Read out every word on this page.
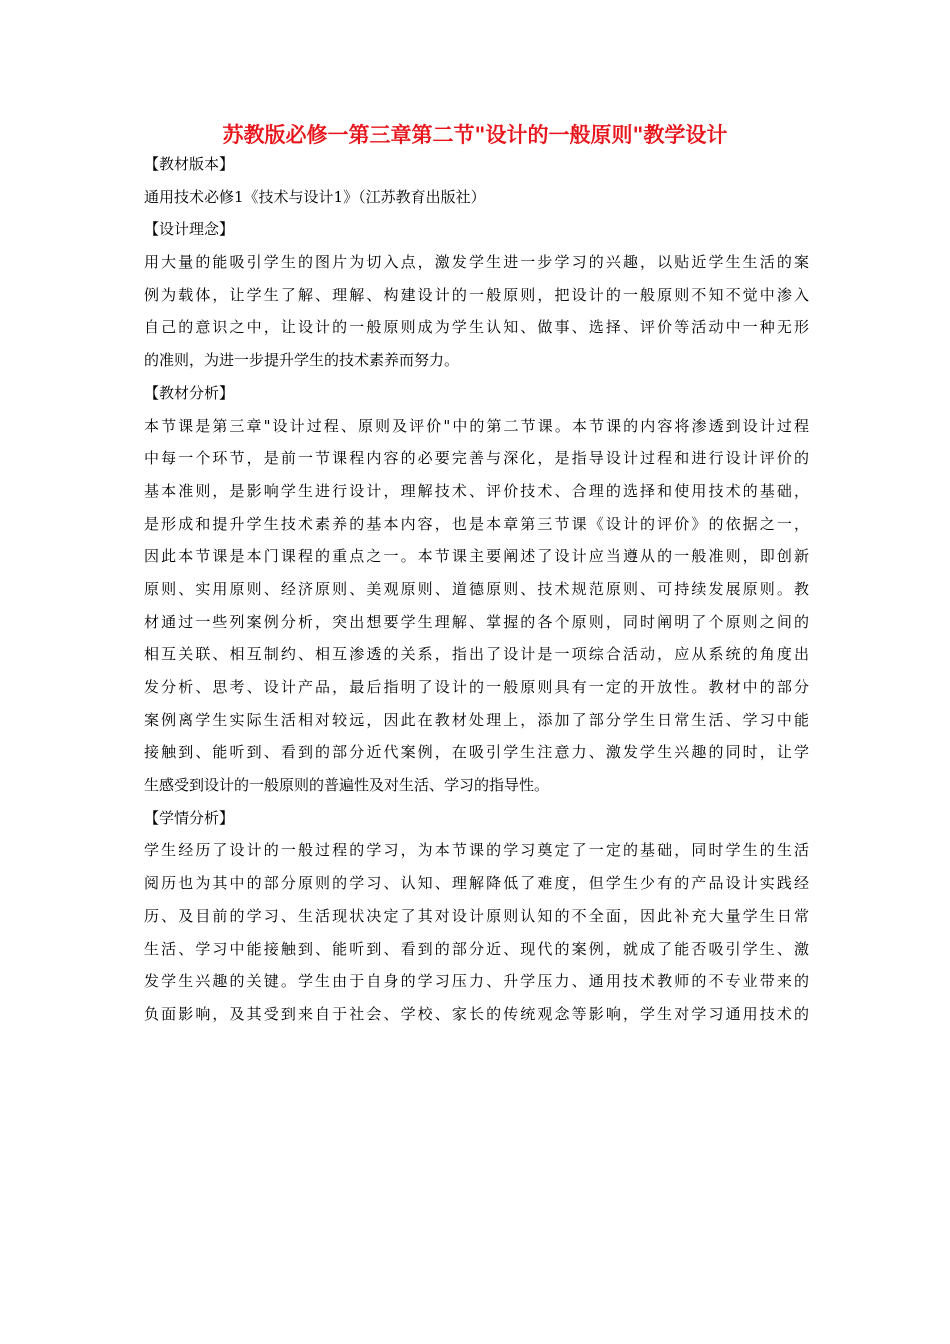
苏教版必修一第三章第二节"设计的一般原则"教学设计
【教材版本】
通用技术必修1《技术与设计1》（江苏教育出版社）
【设计理念】
用大量的能吸引学生的图片为切入点，激发学生进一步学习的兴趣，以贴近学生生活的案
例为载体，让学生了解、理解、构建设计的一般原则，把设计的一般原则不知不觉中渗入
自己的意识之中，让设计的一般原则成为学生认知、做事、选择、评价等活动中一种无形
的准则，为进一步提升学生的技术素养而努力。
【教材分析】
本节课是第三章"设计过程、原则及评价"中的第二节课。本节课的内容将渗透到设计过程
中每一个环节，是前一节课程内容的必要完善与深化，是指导设计过程和进行设计评价的
基本准则，是影响学生进行设计，理解技术、评价技术、合理的选择和使用技术的基础，
是形成和提升学生技术素养的基本内容，也是本章第三节课《设计的评价》的依据之一，
因此本节课是本门课程的重点之一。本节课主要阐述了设计应当遵从的一般准则，即创新
原则、实用原则、经济原则、美观原则、道德原则、技术规范原则、可持续发展原则。教
材通过一些列案例分析，突出想要学生理解、掌握的各个原则，同时阐明了个原则之间的
相互关联、相互制约、相互渗透的关系，指出了设计是一项综合活动，应从系统的角度出
发分析、思考、设计产品，最后指明了设计的一般原则具有一定的开放性。教材中的部分
案例离学生实际生活相对较远，因此在教材处理上，添加了部分学生日常生活、学习中能
接触到、能听到、看到的部分近代案例，在吸引学生注意力、激发学生兴趣的同时，让学
生感受到设计的一般原则的普遍性及对生活、学习的指导性。
【学情分析】
学生经历了设计的一般过程的学习，为本节课的学习奠定了一定的基础，同时学生的生活
阅历也为其中的部分原则的学习、认知、理解降低了难度，但学生少有的产品设计实践经
历、及目前的学习、生活现状决定了其对设计原则认知的不全面，因此补充大量学生日常
生活、学习中能接触到、能听到、看到的部分近、现代的案例，就成了能否吸引学生、激
发学生兴趣的关键。学生由于自身的学习压力、升学压力、通用技术教师的不专业带来的
负面影响，及其受到来自于社会、学校、家长的传统观念等影响，学生对学习通用技术的
